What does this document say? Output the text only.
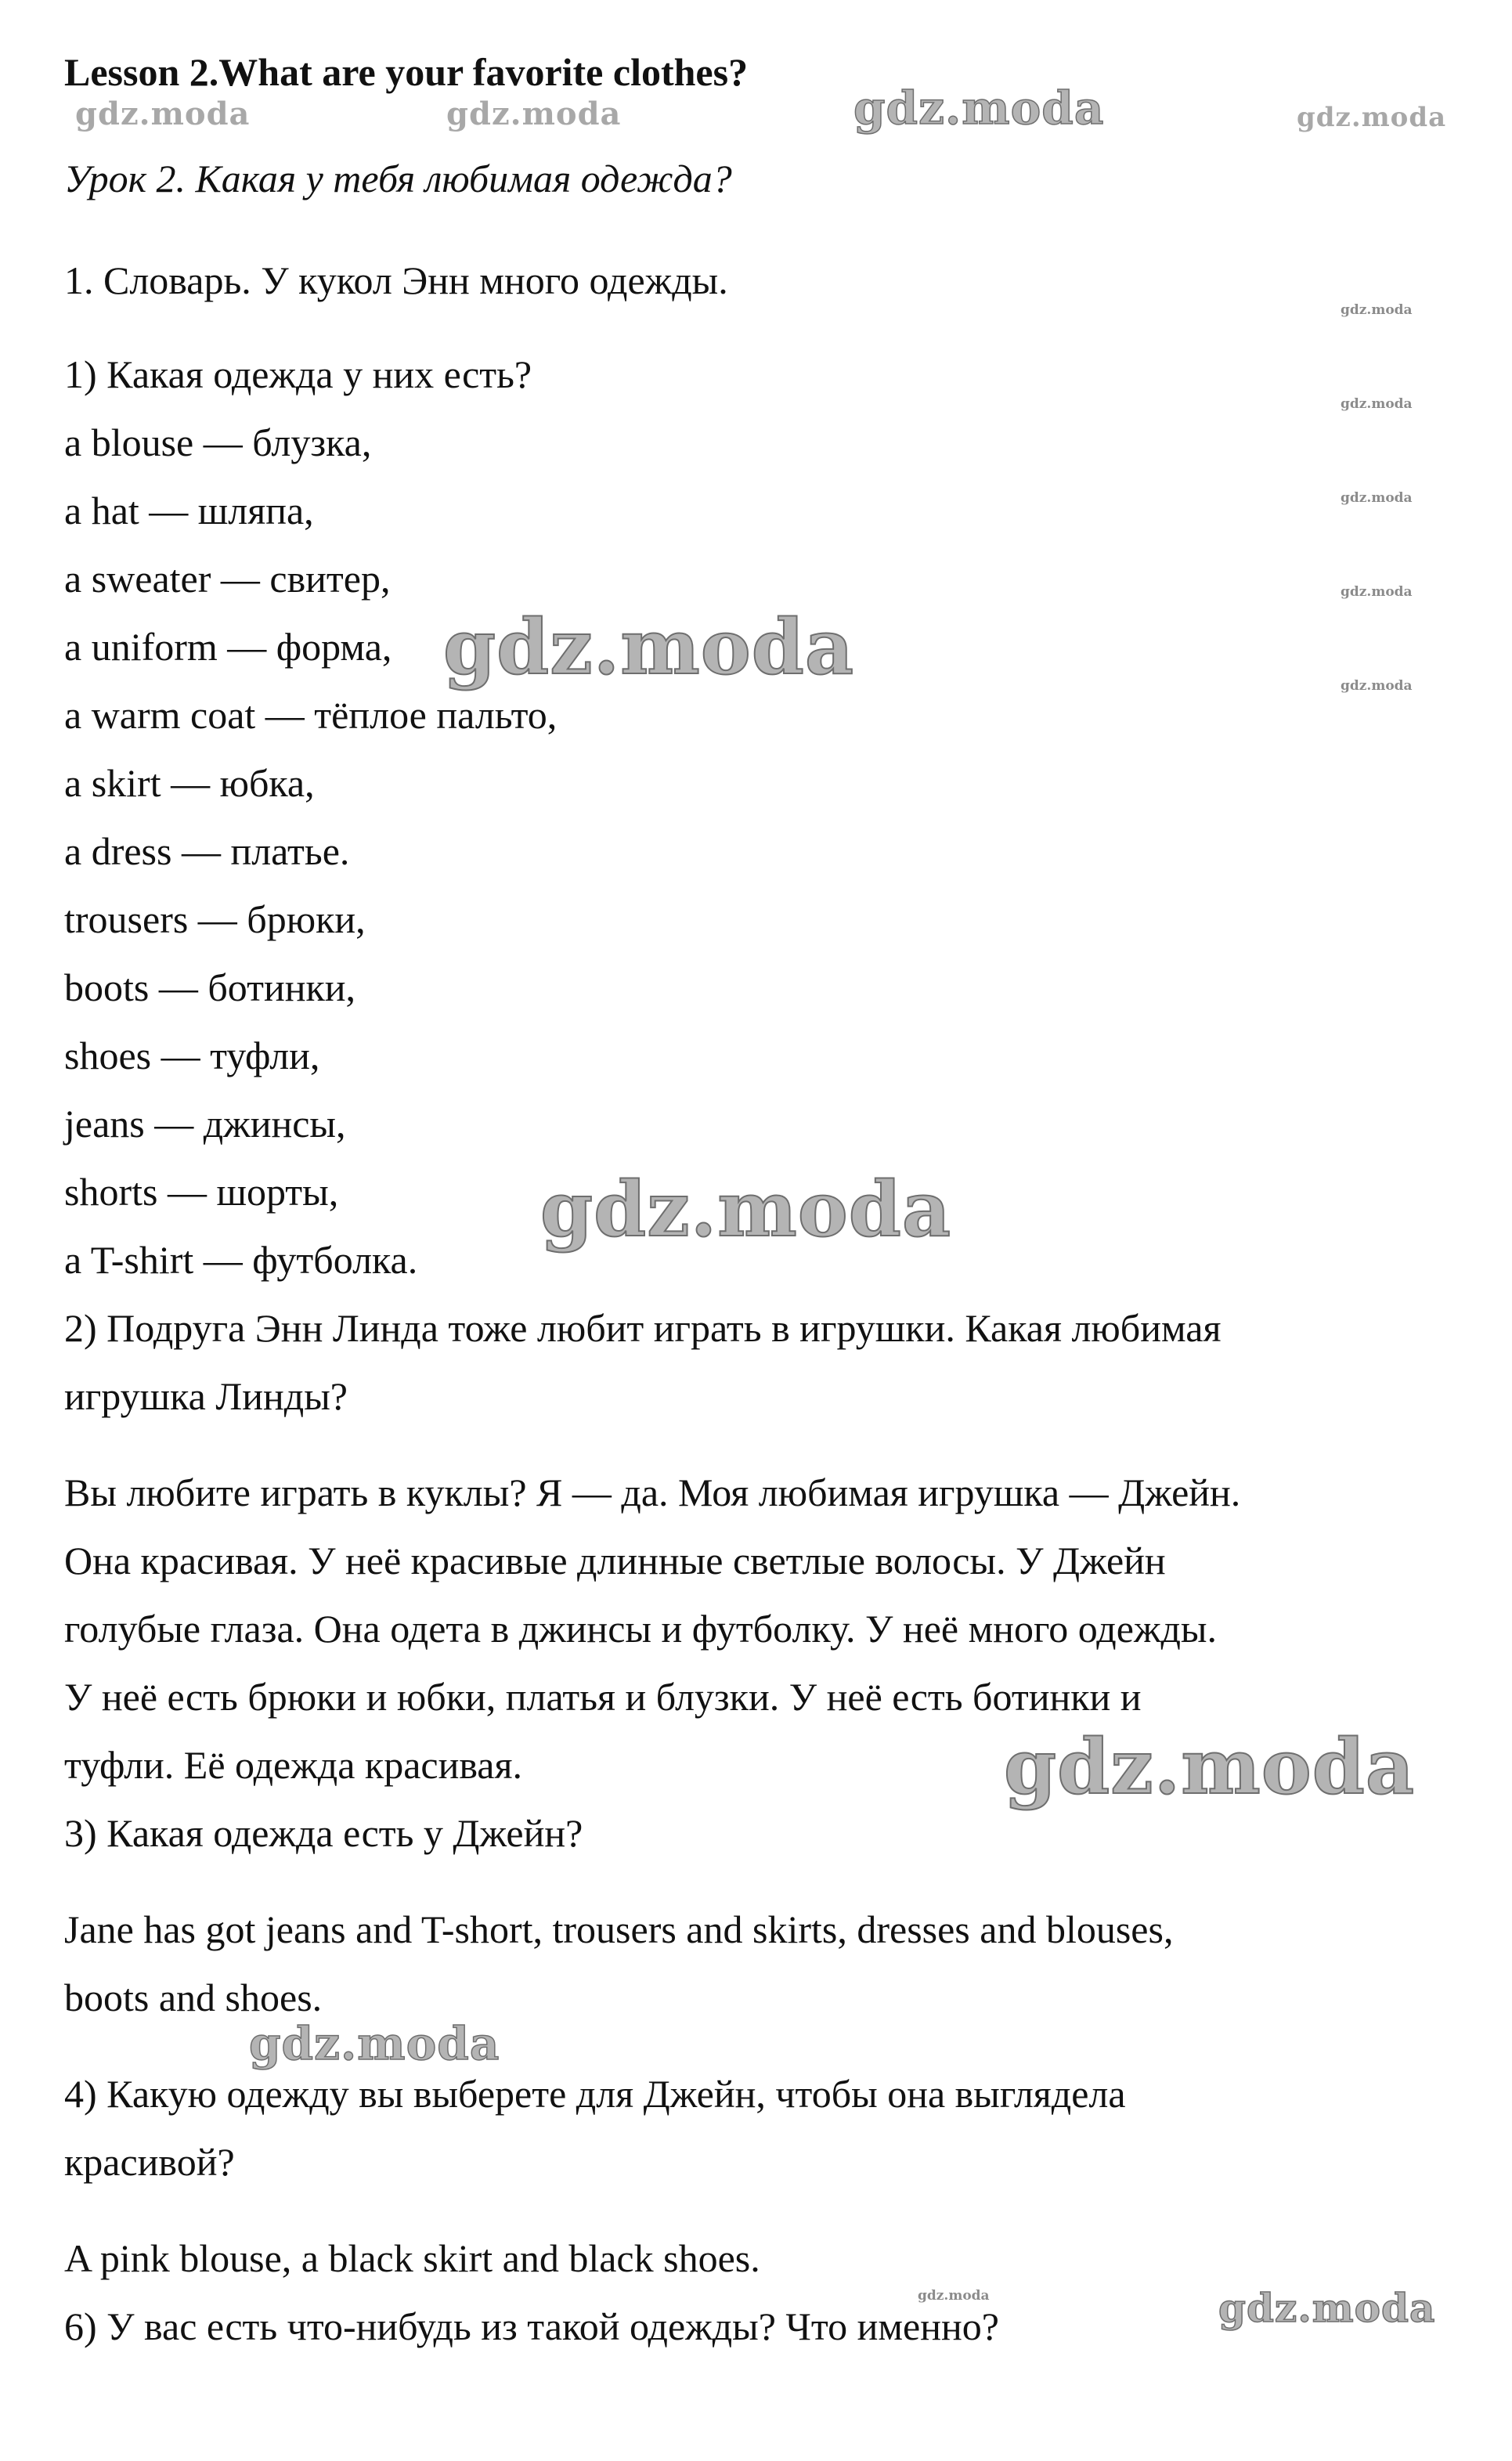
Lesson 2.What are your favorite clothes?
Урок 2. Какая у тебя любимая одежда?
1. Словарь. У кукол Энн много одежды.
1) Какая одежда у них есть?
a blouse — блузка,
a hat — шляпа,
a sweater — свитер,
a uniform — форма,
a warm coat — тёплое пальто,
a skirt — юбка,
a dress — платье.
trousers — брюки,
boots — ботинки,
shoes — туфли,
jeans — джинсы,
shorts — шорты,
a T-shirt — футболка.
2) Подруга Энн Линда тоже любит играть в игрушки. Какая любимая
игрушка Линды?
Вы любите играть в куклы? Я — да. Моя любимая игрушка — Джейн.
Она красивая. У неё красивые длинные светлые волосы. У Джейн
голубые глаза. Она одета в джинсы и футболку. У неё много одежды.
У неё есть брюки и юбки, платья и блузки. У неё есть ботинки и
туфли. Её одежда красивая.
3) Какая одежда есть у Джейн?
Jane has got jeans and T-short, trousers and skirts, dresses and blouses,
boots and shoes.
4) Какую одежду вы выберете для Джейн, чтобы она выглядела
красивой?
A pink blouse, a black skirt and black shoes.
6) У вас есть что-нибудь из такой одежды? Что именно?
gdz.moda	gdz.moda	gdz.moda	gdz.moda
gdz.moda
gdz.moda
gdz.moda
gdz.moda
gdz.moda
gdz.moda
gdz.moda
gdz.moda
gdz.moda
gdz.moda	gdz.moda
